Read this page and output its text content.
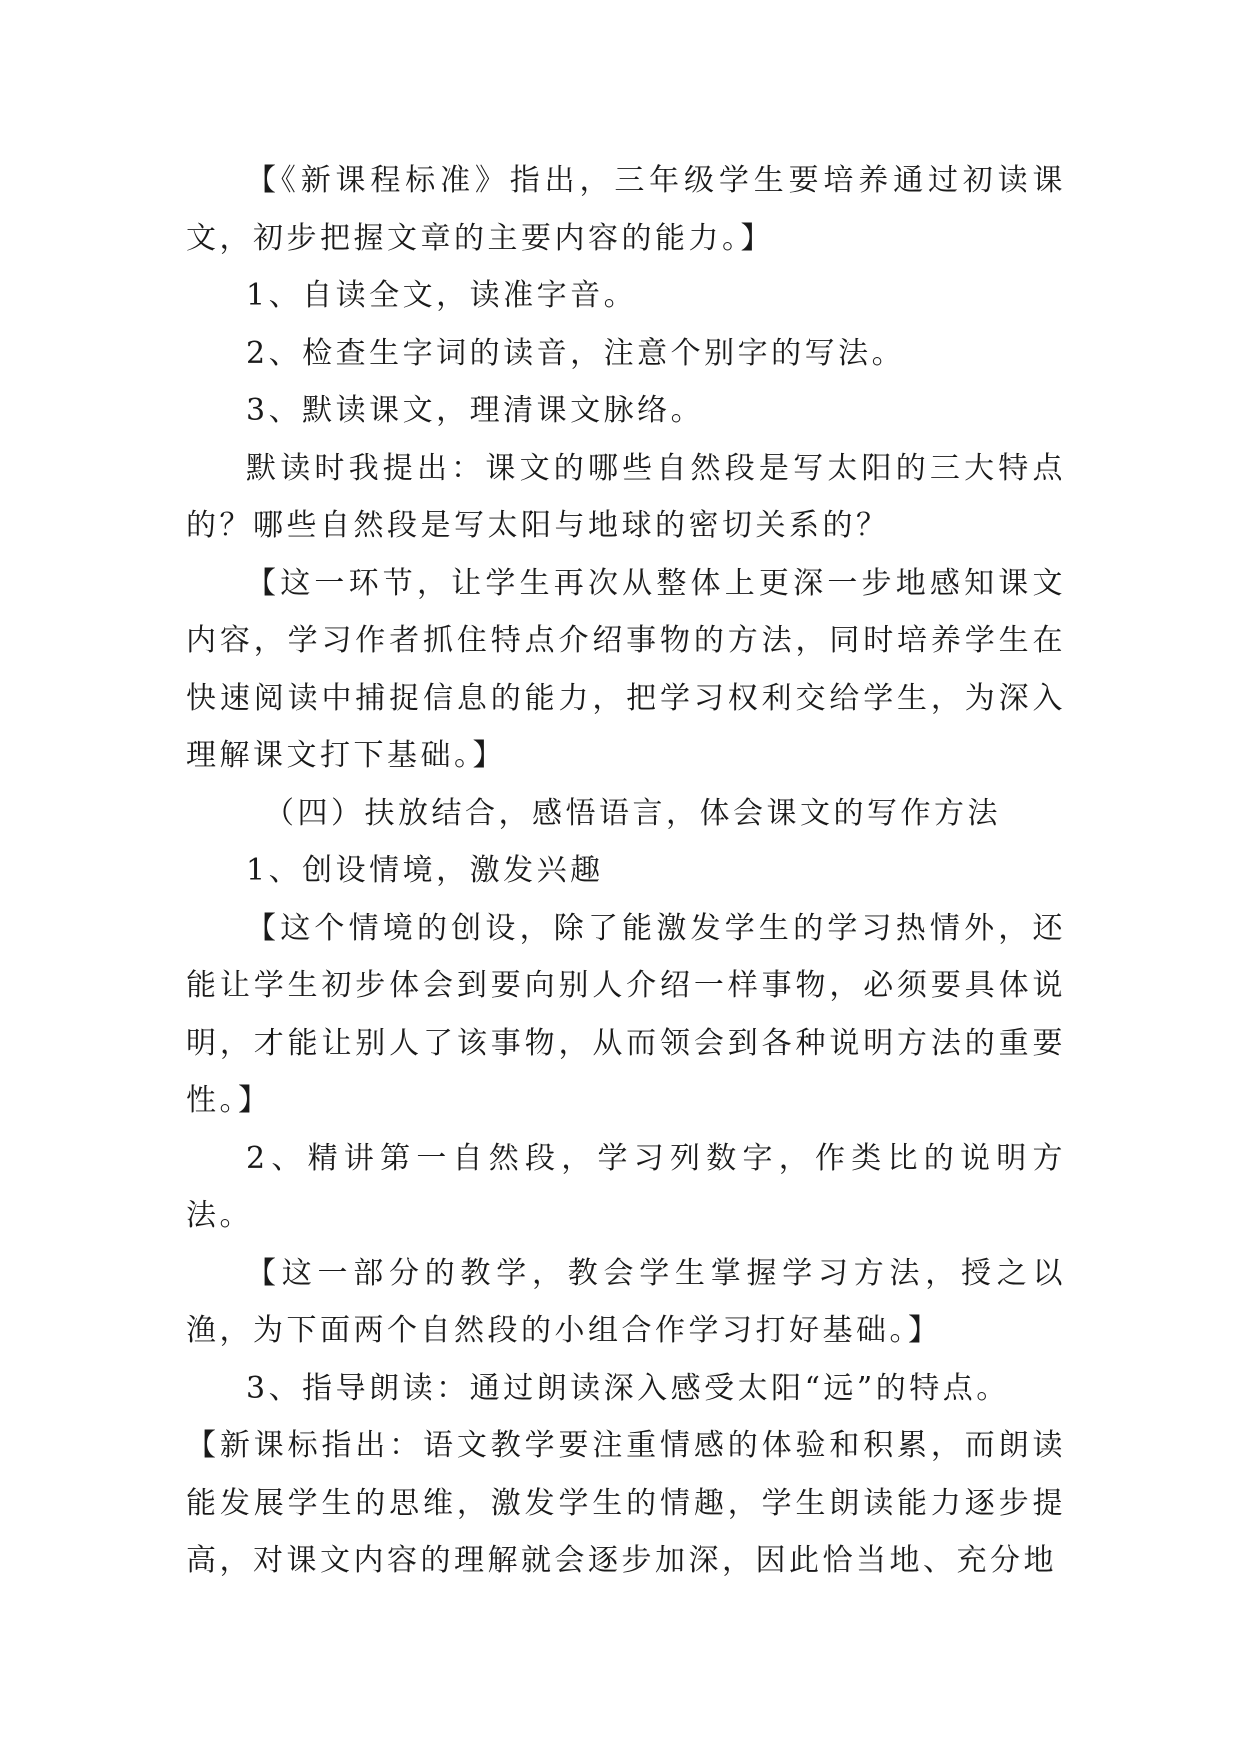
【《新课程标准》指出，三年级学生要培养通过初读课文，初步把握文章的主要内容的能力。】

1、自读全文，读准字音。

2、检查生字词的读音，注意个别字的写法。

3、默读课文，理清课文脉络。

默读时我提出：课文的哪些自然段是写太阳的三大特点的？哪些自然段是写太阳与地球的密切关系的？

【这一环节，让学生再次从整体上更深一步地感知课文内容，学习作者抓住特点介绍事物的方法，同时培养学生在快速阅读中捕捉信息的能力，把学习权利交给学生，为深入理解课文打下基础。】

（四）扶放结合，感悟语言，体会课文的写作方法

1、创设情境，激发兴趣

【这个情境的创设，除了能激发学生的学习热情外，还能让学生初步体会到要向别人介绍一样事物，必须要具体说明，才能让别人了该事物，从而领会到各种说明方法的重要性。】

2、精讲第一自然段，学习列数字，作类比的说明方法。

【这一部分的教学，教会学生掌握学习方法，授之以渔，为下面两个自然段的小组合作学习打好基础。】

3、指导朗读：通过朗读深入感受太阳“远”的特点。

【新课标指出：语文教学要注重情感的体验和积累，而朗读能发展学生的思维，激发学生的情趣，学生朗读能力逐步提高，对课文内容的理解就会逐步加深，因此恰当地、充分地
